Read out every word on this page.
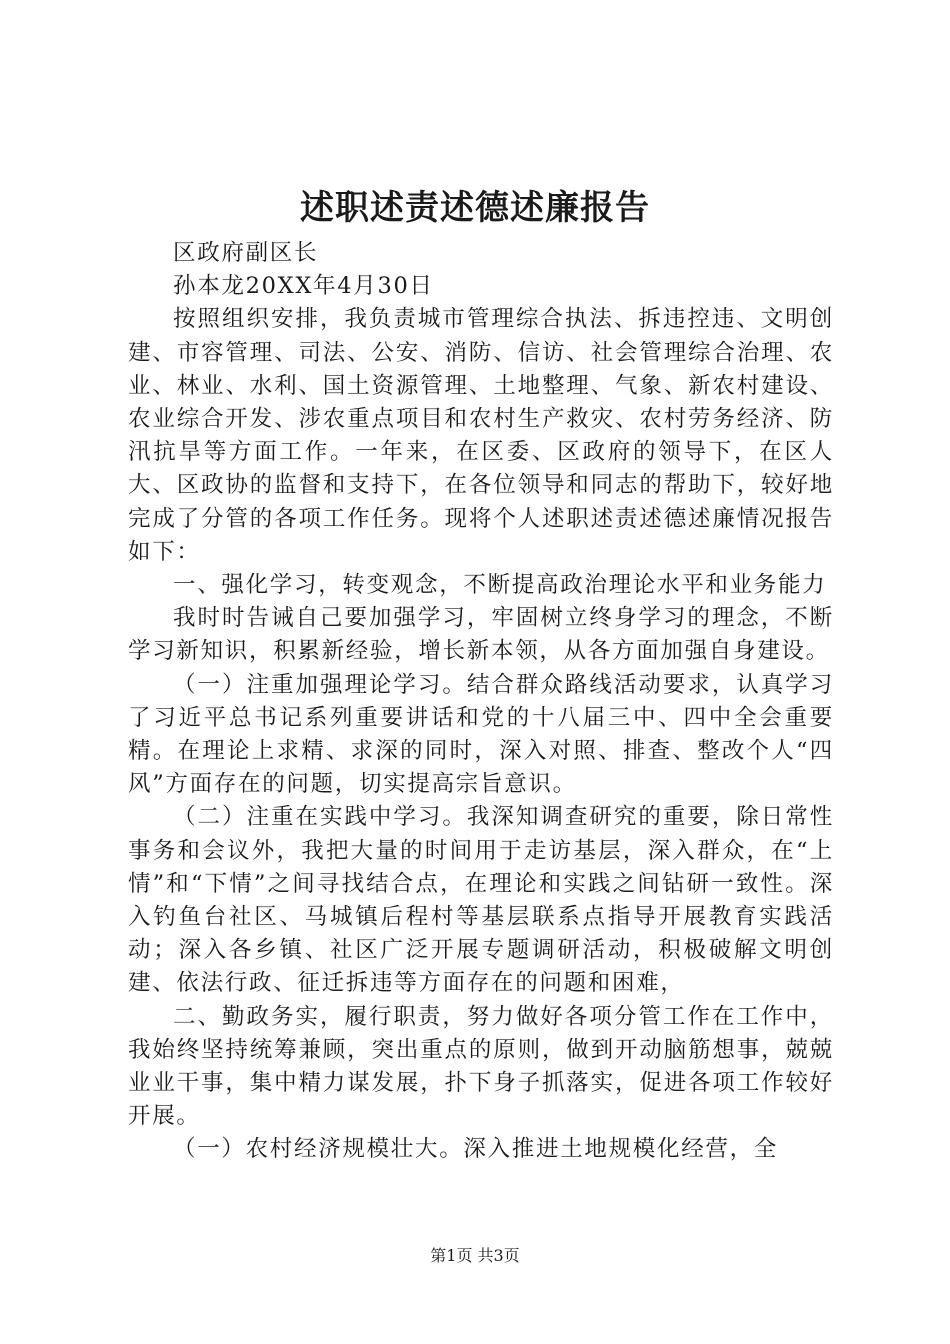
述职述责述德述廉报告

区政府副区长

孙本龙20XX年4月30日

按照组织安排，我负责城市管理综合执法、拆违控违、文明创建、市容管理、司法、公安、消防、信访、社会管理综合治理、农业、林业、水利、国土资源管理、土地整理、气象、新农村建设、农业综合开发、涉农重点项目和农村生产救灾、农村劳务经济、防汛抗旱等方面工作。一年来，在区委、区政府的领导下，在区人大、区政协的监督和支持下，在各位领导和同志的帮助下，较好地完成了分管的各项工作任务。现将个人述职述责述德述廉情况报告如下：

一、强化学习，转变观念，不断提高政治理论水平和业务能力

我时时告诫自己要加强学习，牢固树立终身学习的理念，不断学习新知识，积累新经验，增长新本领，从各方面加强自身建设。

（一）注重加强理论学习。结合群众路线活动要求，认真学习了习近平总书记系列重要讲话和党的十八届三中、四中全会重要精。在理论上求精、求深的同时，深入对照、排查、整改个人“四风”方面存在的问题，切实提高宗旨意识。

（二）注重在实践中学习。我深知调查研究的重要，除日常性事务和会议外，我把大量的时间用于走访基层，深入群众，在“上情”和“下情”之间寻找结合点，在理论和实践之间钻研一致性。深入钓鱼台社区、马城镇后程村等基层联系点指导开展教育实践活动；深入各乡镇、社区广泛开展专题调研活动，积极破解文明创建、依法行政、征迁拆违等方面存在的问题和困难，

二、勤政务实，履行职责，努力做好各项分管工作在工作中，我始终坚持统筹兼顾，突出重点的原则，做到开动脑筋想事，兢兢业业干事，集中精力谋发展，扑下身子抓落实，促进各项工作较好开展。

（一）农村经济规模壮大。深入推进土地规模化经营，全

第1页 共3页
